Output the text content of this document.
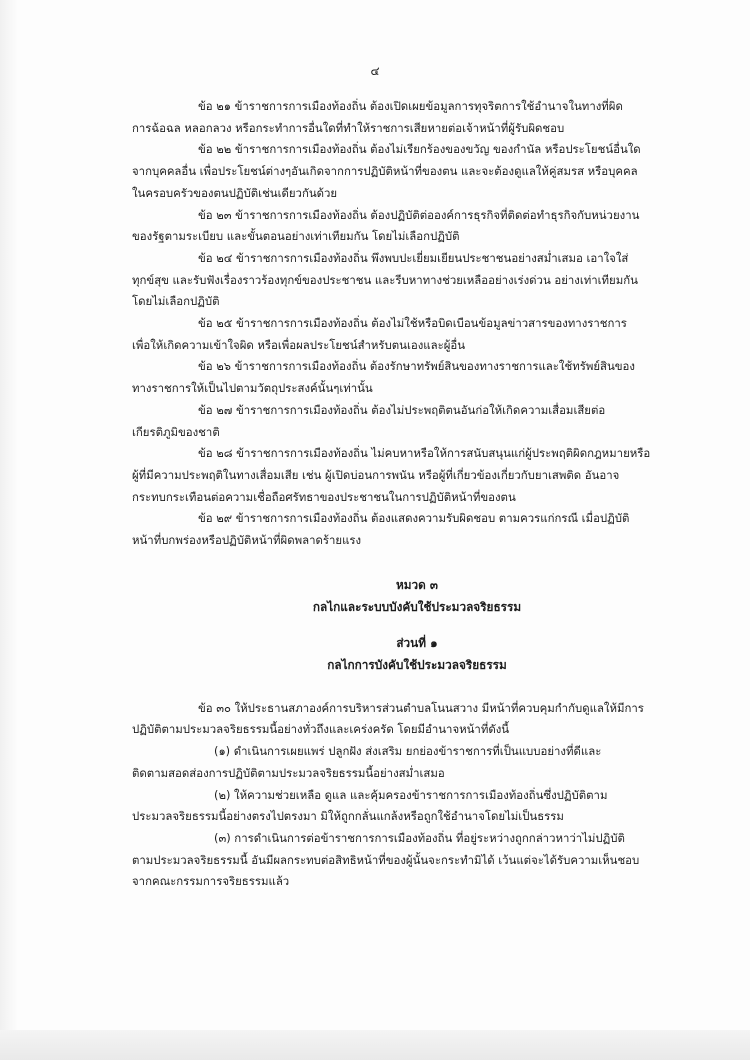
๔
ข้อ ๒๑ ข้าราชการการเมืองท้องถิ่น ต้องเปิดเผยข้อมูลการทุจริตการใช้อำนาจในทางที่ผิด
การฉ้อฉล หลอกลวง หรือกระทำการอื่นใดที่ทำให้ราชการเสียหายต่อเจ้าหน้าที่ผู้รับผิดชอบ
ข้อ ๒๒ ข้าราชการการเมืองท้องถิ่น ต้องไม่เรียกร้องของขวัญ ของกำนัล หรือประโยชน์อื่นใด
จากบุคคลอื่น เพื่อประโยชน์ต่างๆอันเกิดจากการปฏิบัติหน้าที่ของตน และจะต้องดูแลให้คู่สมรส หรือบุคคล
ในครอบครัวของตนปฏิบัติเช่นเดียวกันด้วย
ข้อ ๒๓ ข้าราชการการเมืองท้องถิ่น ต้องปฏิบัติต่อองค์การธุรกิจที่ติดต่อทำธุรกิจกับหน่วยงาน
ของรัฐตามระเบียบ และขั้นตอนอย่างเท่าเทียมกัน โดยไม่เลือกปฏิบัติ
ข้อ ๒๔ ข้าราชการการเมืองท้องถิ่น พึงพบปะเยี่ยมเยียนประชาชนอย่างสม่ำเสมอ เอาใจใส่
ทุกข์สุข และรับฟังเรื่องราวร้องทุกข์ของประชาชน และรีบหาทางช่วยเหลืออย่างเร่งด่วน อย่างเท่าเทียมกัน
โดยไม่เลือกปฏิบัติ
ข้อ ๒๕ ข้าราชการการเมืองท้องถิ่น ต้องไม่ใช้หรือบิดเบือนข้อมูลข่าวสารของทางราชการ
เพื่อให้เกิดความเข้าใจผิด หรือเพื่อผลประโยชน์สำหรับตนเองและผู้อื่น
ข้อ ๒๖ ข้าราชการการเมืองท้องถิ่น ต้องรักษาทรัพย์สินของทางราชการและใช้ทรัพย์สินของ
ทางราชการให้เป็นไปตามวัตถุประสงค์นั้นๆเท่านั้น
ข้อ ๒๗ ข้าราชการการเมืองท้องถิ่น ต้องไม่ประพฤติตนอันก่อให้เกิดความเสื่อมเสียต่อ
เกียรติภูมิของชาติ
ข้อ ๒๘ ข้าราชการการเมืองท้องถิ่น ไม่คบหาหรือให้การสนับสนุนแก่ผู้ประพฤติผิดกฎหมายหรือ
ผู้ที่มีความประพฤติในทางเสื่อมเสีย เช่น ผู้เปิดบ่อนการพนัน หรือผู้ที่เกี่ยวข้องเกี่ยวกับยาเสพติด อันอาจ
กระทบกระเทือนต่อความเชื่อถือศรัทธาของประชาชนในการปฏิบัติหน้าที่ของตน
ข้อ ๒๙ ข้าราชการการเมืองท้องถิ่น ต้องแสดงความรับผิดชอบ ตามควรแก่กรณี เมื่อปฏิบัติ
หน้าที่บกพร่องหรือปฏิบัติหน้าที่ผิดพลาดร้ายแรง

หมวด ๓

กลไกและระบบบังคับใช้ประมวลจริยธรรม

ส่วนที่ ๑

กลไกการบังคับใช้ประมวลจริยธรรม

ข้อ ๓๐ ให้ประธานสภาองค์การบริหารส่วนตำบลโนนสวาง มีหน้าที่ควบคุมกำกับดูแลให้มีการ
ปฏิบัติตามประมวลจริยธรรมนี้อย่างทั่วถึงและเคร่งครัด โดยมีอำนาจหน้าที่ดังนี้
(๑) ดำเนินการเผยแพร่ ปลูกฝัง ส่งเสริม ยกย่องข้าราชการที่เป็นแบบอย่างที่ดีและ
ติดตามสอดส่องการปฏิบัติตามประมวลจริยธรรมนี้อย่างสม่ำเสมอ
(๒) ให้ความช่วยเหลือ ดูแล และคุ้มครองข้าราชการการเมืองท้องถิ่นซึ่งปฏิบัติตาม
ประมวลจริยธรรมนี้อย่างตรงไปตรงมา มิให้ถูกกลั่นแกล้งหรือถูกใช้อำนาจโดยไม่เป็นธรรม
(๓) การดำเนินการต่อข้าราชการการเมืองท้องถิ่น ที่อยู่ระหว่างถูกกล่าวหาว่าไม่ปฏิบัติ
ตามประมวลจริยธรรมนี้ อันมีผลกระทบต่อสิทธิหน้าที่ของผู้นั้นจะกระทำมิได้ เว้นแต่จะได้รับความเห็นชอบ
จากคณะกรรมการจริยธรรมแล้ว
